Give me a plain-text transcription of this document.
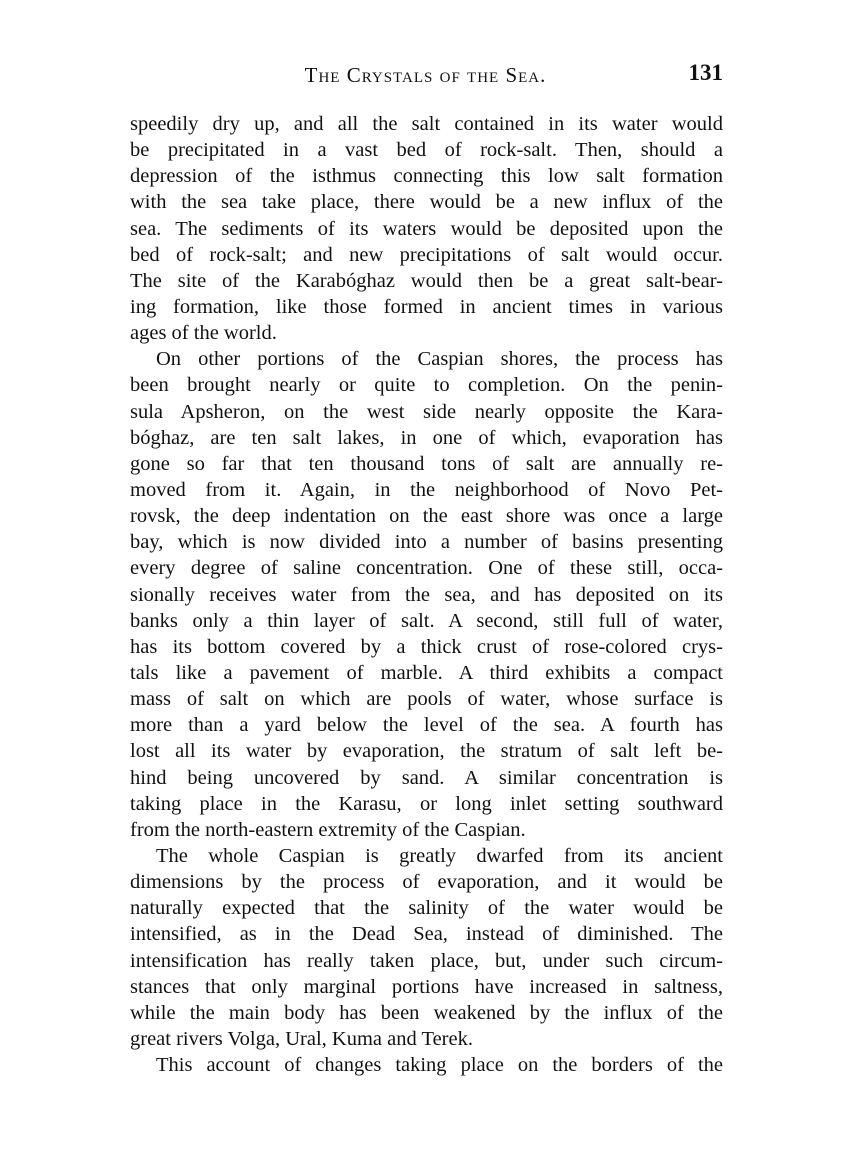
The Crystals of the Sea.	131
speedily dry up, and all the salt contained in its water would
be precipitated in a vast bed of rock-salt. Then, should a
depression of the isthmus connecting this low salt formation
with the sea take place, there would be a new influx of the
sea. The sediments of its waters would be deposited upon the
bed of rock-salt; and new precipitations of salt would occur.
The site of the Karabóghaz would then be a great salt-bear-
ing formation, like those formed in ancient times in various
ages of the world.
On other portions of the Caspian shores, the process has
been brought nearly or quite to completion. On the penin-
sula Apsheron, on the west side nearly opposite the Kara-
bóghaz, are ten salt lakes, in one of which, evaporation has
gone so far that ten thousand tons of salt are annually re-
moved from it. Again, in the neighborhood of Novo Pet-
rovsk, the deep indentation on the east shore was once a large
bay, which is now divided into a number of basins presenting
every degree of saline concentration. One of these still, occa-
sionally receives water from the sea, and has deposited on its
banks only a thin layer of salt. A second, still full of water,
has its bottom covered by a thick crust of rose-colored crys-
tals like a pavement of marble. A third exhibits a compact
mass of salt on which are pools of water, whose surface is
more than a yard below the level of the sea. A fourth has
lost all its water by evaporation, the stratum of salt left be-
hind being uncovered by sand. A similar concentration is
taking place in the Karasu, or long inlet setting southward
from the north-eastern extremity of the Caspian.
The whole Caspian is greatly dwarfed from its ancient
dimensions by the process of evaporation, and it would be
naturally expected that the salinity of the water would be
intensified, as in the Dead Sea, instead of diminished. The
intensification has really taken place, but, under such circum-
stances that only marginal portions have increased in saltness,
while the main body has been weakened by the influx of the
great rivers Volga, Ural, Kuma and Terek.
This account of changes taking place on the borders of the
